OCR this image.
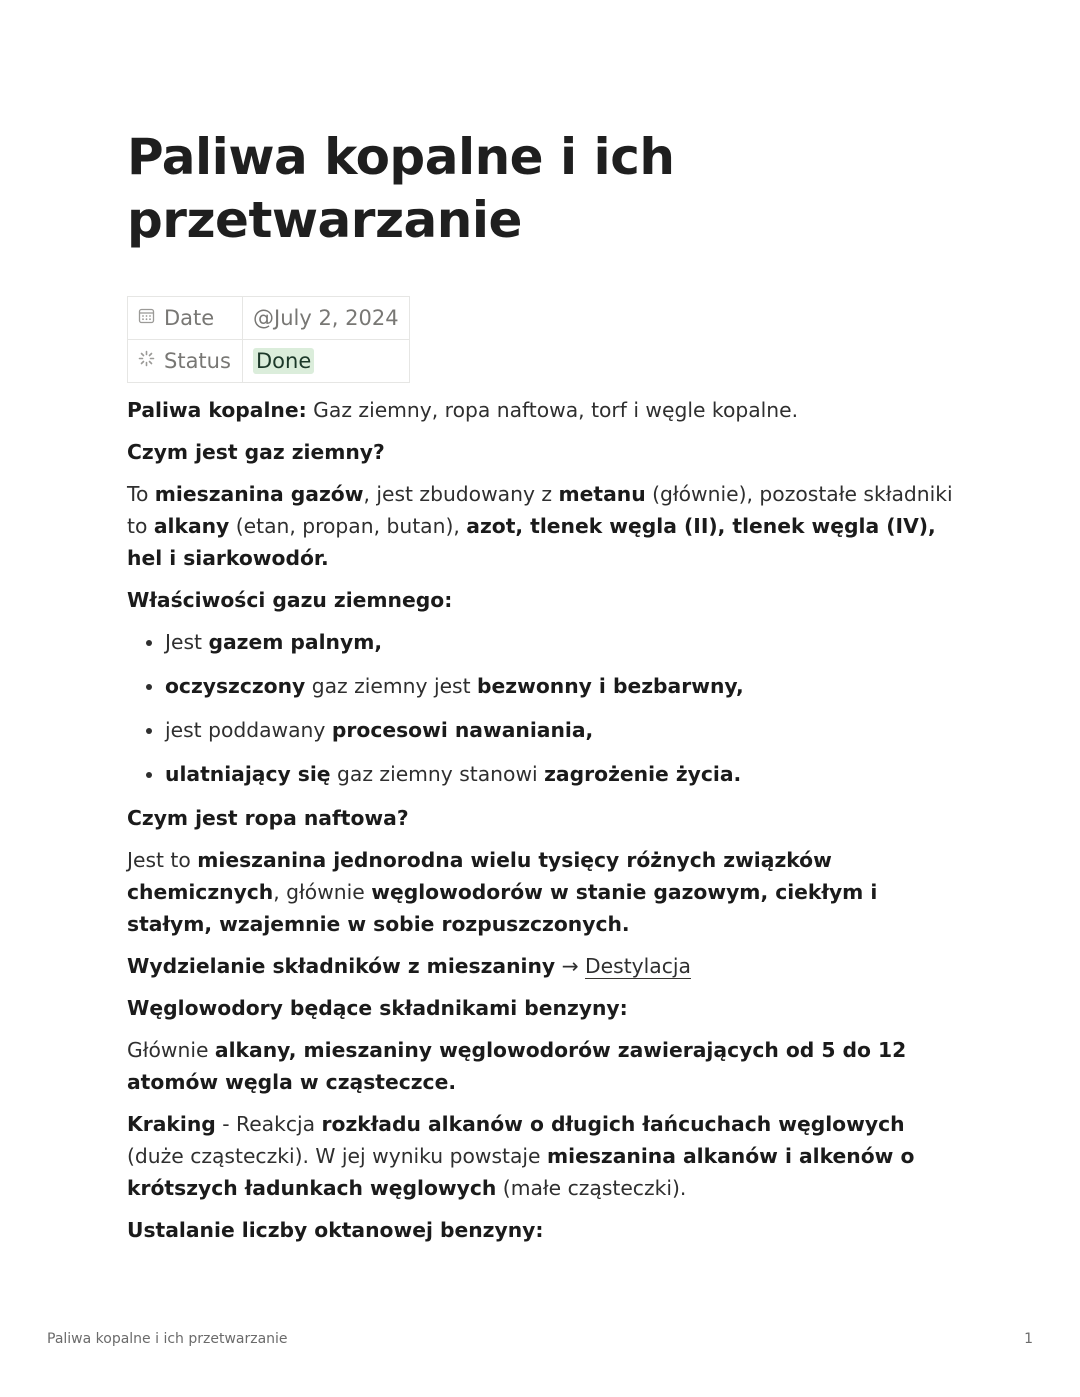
Paliwa kopalne i ich przetwarzanie
Date	@July 2, 2024
Status	Done

Paliwa kopalne: Gaz ziemny, ropa naftowa, torf i węgle kopalne.

Czym jest gaz ziemny?

To mieszanina gazów, jest zbudowany z metanu (głównie), pozostałe składniki to alkany (etan, propan, butan), azot, tlenek węgla (II), tlenek węgla (IV), hel i siarkowodór.

Właściwości gazu ziemnego:

• Jest gazem palnym,
• oczyszczony gaz ziemny jest bezwonny i bezbarwny,
• jest poddawany procesowi nawaniania,
• ulatniający się gaz ziemny stanowi zagrożenie życia.

Czym jest ropa naftowa?

Jest to mieszanina jednorodna wielu tysięcy różnych związków chemicznych, głównie węglowodorów w stanie gazowym, ciekłym i stałym, wzajemnie w sobie rozpuszczonych.

Wydzielanie składników z mieszaniny → Destylacja

Węglowodory będące składnikami benzyny:

Głównie alkany, mieszaniny węglowodorów zawierających od 5 do 12 atomów węgla w cząsteczce.

Kraking - Reakcja rozkładu alkanów o długich łańcuchach węglowych (duże cząsteczki). W jej wyniku powstaje mieszanina alkanów i alkenów o krótszych ładunkach węglowych (małe cząsteczki).

Ustalanie liczby oktanowej benzyny:

Paliwa kopalne i ich przetwarzanie	1
